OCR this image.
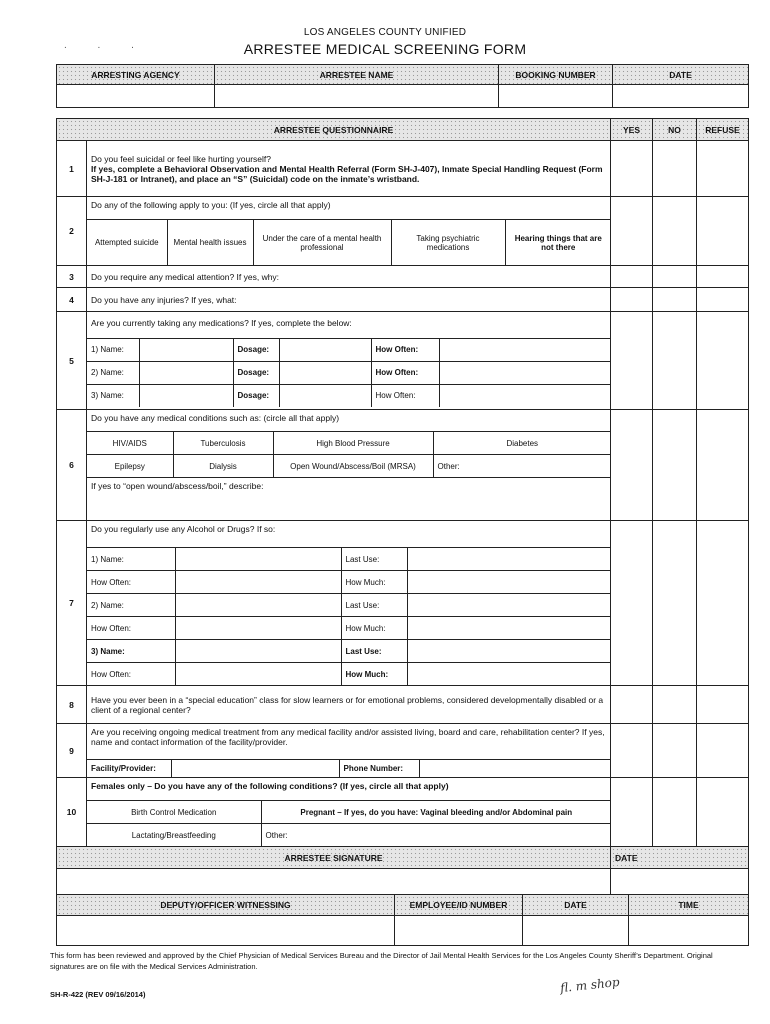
. . .
LOS ANGELES COUNTY UNIFIED
ARRESTEE MEDICAL SCREENING FORM
ARRESTING AGENCY	ARRESTEE NAME	BOOKING NUMBER	DATE

ARRESTEE QUESTIONNAIRE	YES	NO	REFUSE
1	
Do you feel suicidal or feel like hurting yourself?
If yes, complete a Behavioral Observation and Mental Health Referral (Form SH-J-407), Inmate Special Handling Request (Form SH-J-181 or Intranet), and place an “S” (Suicidal) code on the inmate’s wristband.

2	
Do any of the following apply to you: (If yes, circle all that apply)
Attempted suicide	Mental health issues	Under the care of a mental health professional	Taking psychiatric medications	Hearing things that are not there

3	Do you require any medical attention? If yes, why:			
4	Do you have any injuries? If yes, what:			
5	
Are you currently taking any medications? If yes, complete the below:
1) Name:		Dosage:		How Often:	
2) Name:		Dosage:		How Often:	
3) Name:		Dosage:		How Often:	

6	
Do you have any medical conditions such as: (circle all that apply)
HIV/AIDS	Tuberculosis	High Blood Pressure	Diabetes
Epilepsy	Dialysis	Open Wound/Abscess/Boil (MRSA)	Other:
If yes to “open wound/abscess/boil,” describe:

7	
Do you regularly use any Alcohol or Drugs? If so:
1) Name:		Last Use:	
How Often:		How Much:	
2) Name:		Last Use:	
How Often:		How Much:	
3) Name:		Last Use:	
How Often:		How Much:	

8	Have you ever been in a “special education” class for slow learners or for emotional problems, considered developmentally disabled or a client of a regional center?			
9	
Are you receiving ongoing medical treatment from any medical facility and/or assisted living, board and care, rehabilitation center? If yes, name and contact information of the facility/provider.
Facility/Provider:		Phone Number:	

10	
Females only – Do you have any of the following conditions? (If yes, circle all that apply)
Birth Control Medication	Pregnant – If yes, do you have: Vaginal bleeding and/or Abdominal pain
Lactating/Breastfeeding	Other:

ARRESTEE SIGNATURE	DATE

DEPUTY/OFFICER WITNESSING	EMPLOYEE/ID NUMBER	DATE	TIME

This form has been reviewed and approved by the Chief Physician of Medical Services Bureau and the Director of Jail Mental Health Services for the Los Angeles County Sheriff’s Department. Original signatures are on file with the Medical Services Administration.
SH-R-422 (REV 09/16/2014)	fl. m shop
